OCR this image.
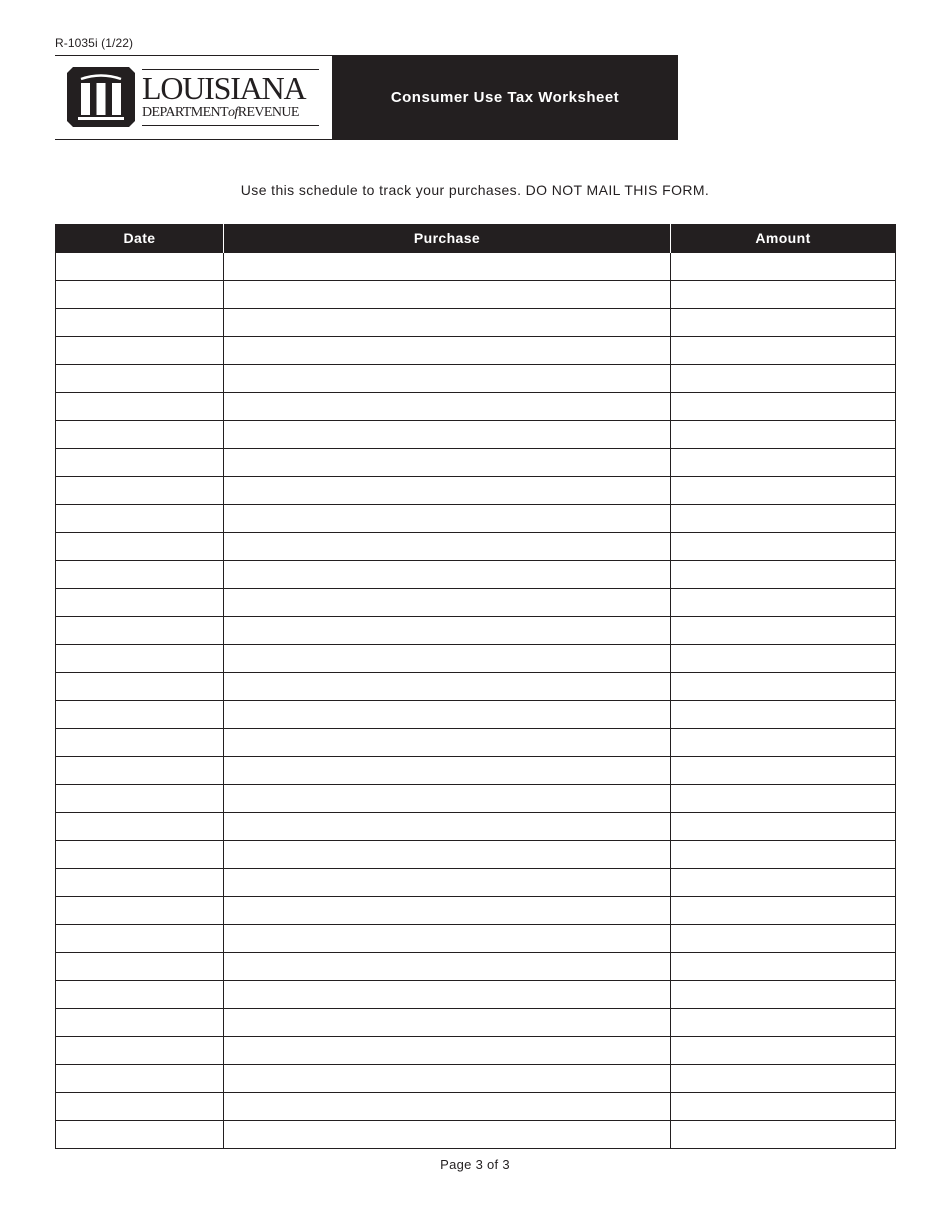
R-1035i (1/22)
LOUISIANA
DEPARTMENTofREVENUE
Consumer Use Tax Worksheet
Use this schedule to track your purchases. DO NOT MAIL THIS FORM.
Date	Purchase	Amount

Page 3 of 3
